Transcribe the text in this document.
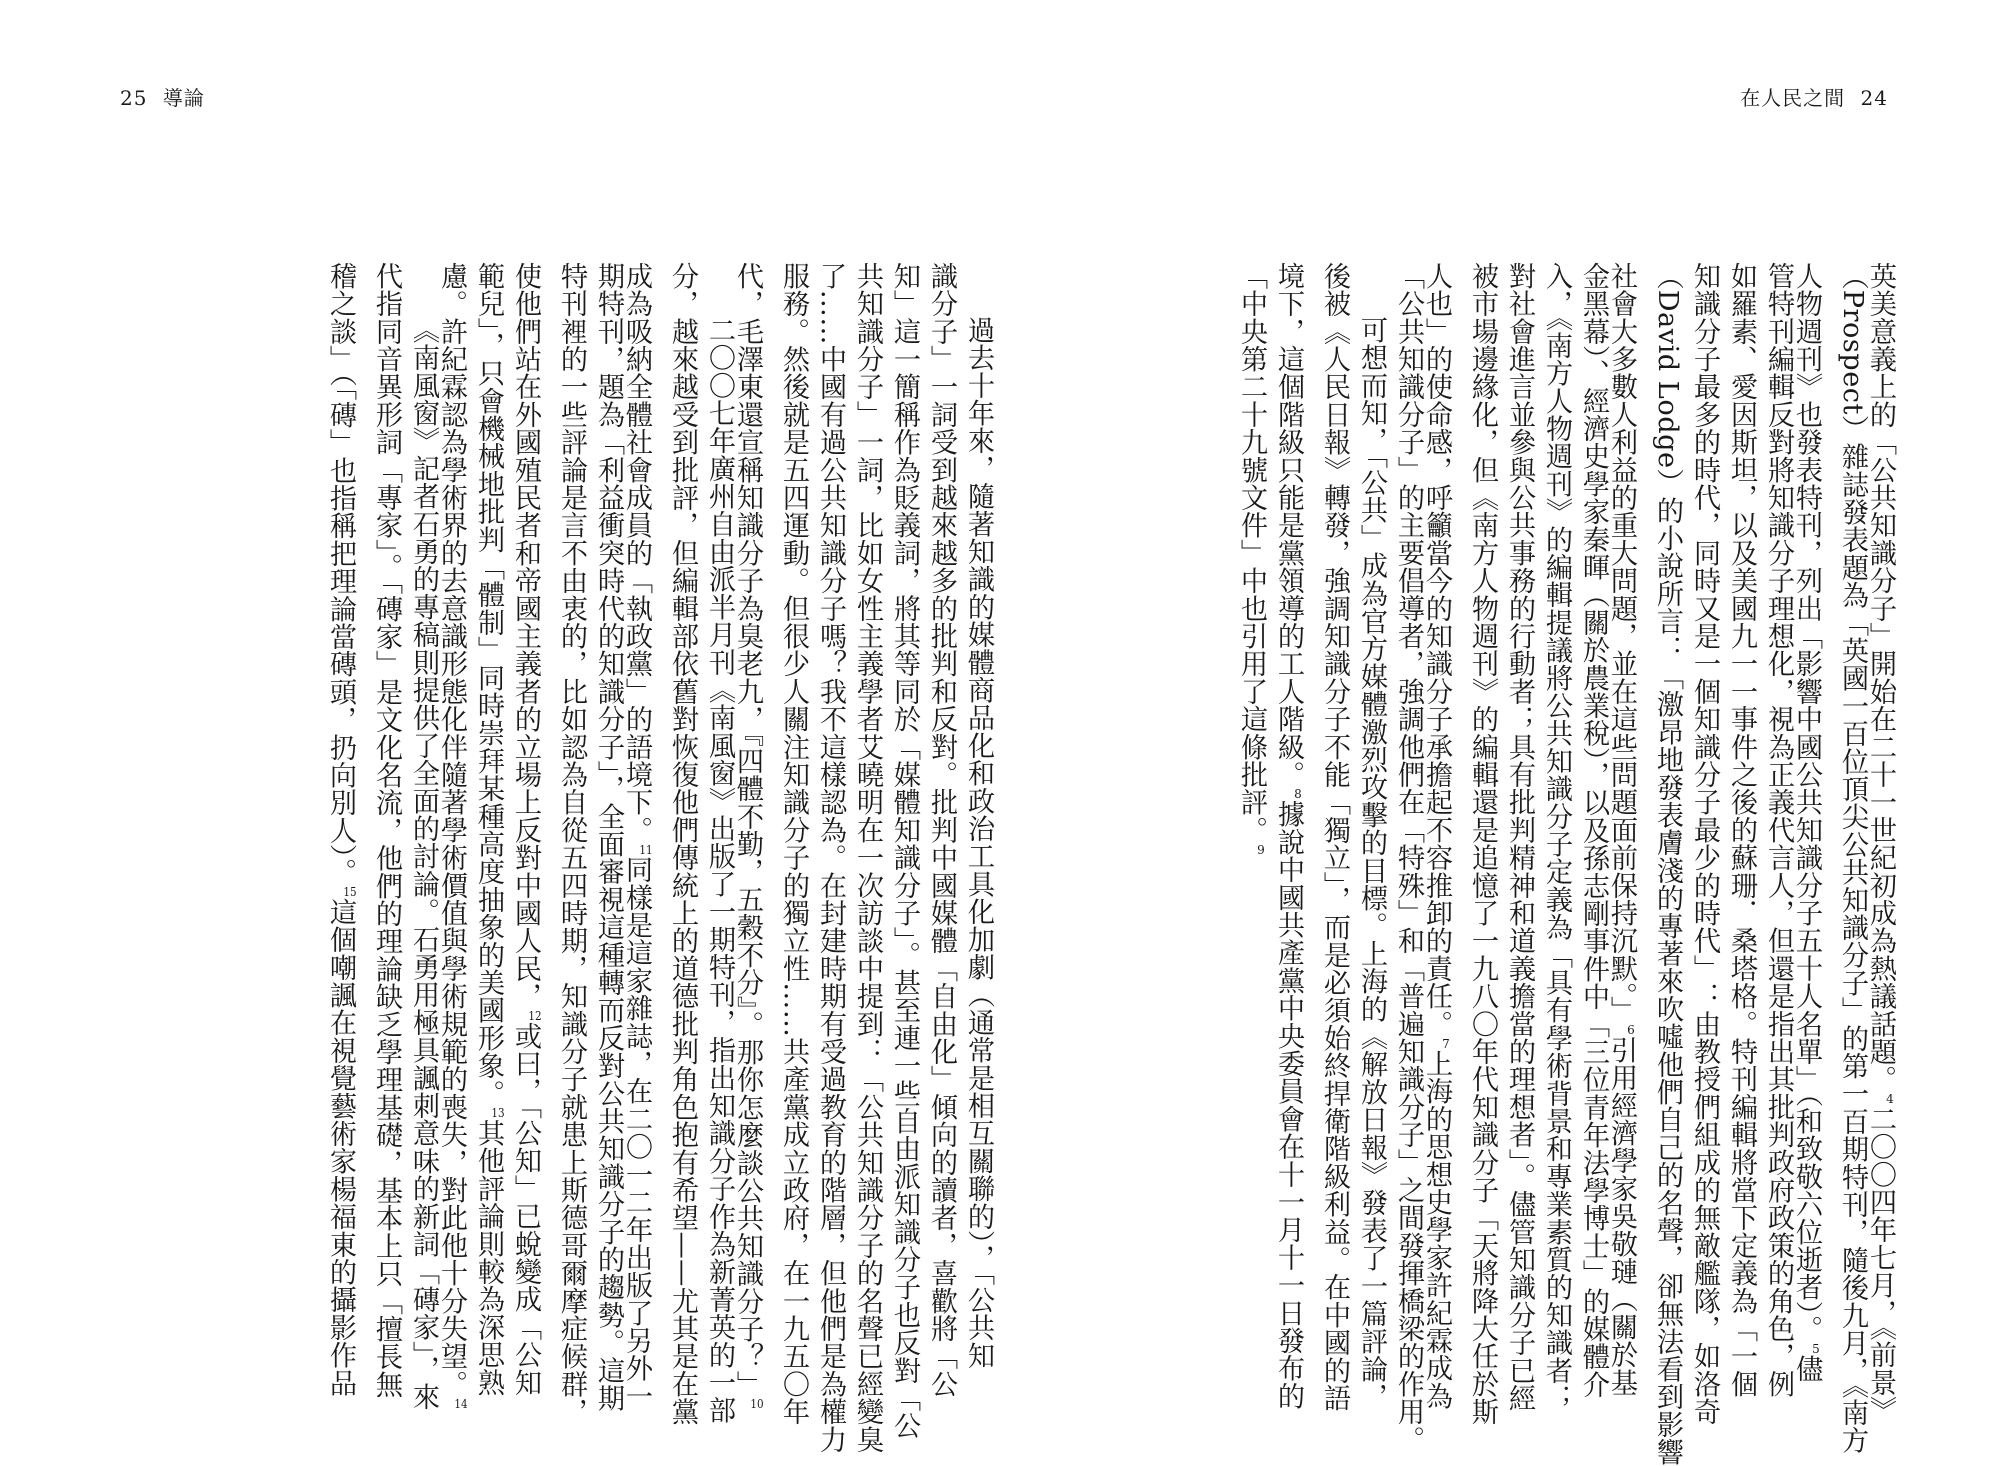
25 導論	在人民之間 24
英美意義上的「公共知識分子」開始在二十一世紀初成為熱議話題。$^4$二〇〇四年七月，《前景》
（Prospect）雜誌發表題為「英國一百位頂尖公共知識分子」的第一百期特刊，隨後九月，《南方
人物週刊》也發表特刊，列出「影響中國公共知識分子五十人名單」（和致敬六位逝者）。$^5$儘
管特刊編輯反對將知識分子理想化，視為正義代言人，但還是指出其批判政府政策的角色，例
如羅素、愛因斯坦，以及美國九一一事件之後的蘇珊．桑塔格。特刊編輯將當下定義為「一個
知識分子最多的時代，同時又是一個知識分子最少的時代」：由教授們組成的無敵艦隊，如洛奇
（David Lodge）的小說所言：「激昂地發表膚淺的專著來吹噓他們自己的名聲，卻無法看到影響
社會大多數人利益的重大問題，並在這些問題面前保持沉默。」$^6$引用經濟學家吳敬璉（關於基
金黑幕）、經濟史學家秦暉（關於農業稅），以及孫志剛事件中「三位青年法學博士」的媒體介
入，《南方人物週刊》的編輯提議將公共知識分子定義為「具有學術背景和專業素質的知識者；
對社會進言並參與公共事務的行動者；具有批判精神和道義擔當的理想者」。儘管知識分子已經
被市場邊緣化，但《南方人物週刊》的編輯還是追憶了一九八〇年代知識分子「天將降大任於斯
人也」的使命感，呼籲當今的知識分子承擔起不容推卸的責任。$^7$上海的思想史學家許紀霖成為
「公共知識分子」的主要倡導者，強調他們在「特殊」和「普遍知識分子」之間發揮橋梁的作用。
可想而知，「公共」成為官方媒體激烈攻擊的目標。上海的《解放日報》發表了一篇評論，
後被《人民日報》轉發，強調知識分子不能「獨立」，而是必須始終捍衛階級利益。在中國的語
境下，這個階級只能是黨領導的工人階級。$^8$據說中國共產黨中央委員會在十一月十一日發布的
「中央第二十九號文件」中也引用了這條批評。$^9$
過去十年來，隨著知識的媒體商品化和政治工具化加劇（通常是相互關聯的），「公共知
識分子」一詞受到越來越多的批判和反對。批判中國媒體「自由化」傾向的讀者，喜歡將「公
知」這一簡稱作為貶義詞，將其等同於「媒體知識分子」。甚至連一些自由派知識分子也反對「公
共知識分子」一詞，比如女性主義學者艾曉明在一次訪談中提到：「公共知識分子的名聲已經變臭
了……中國有過公共知識分子嗎？我不這樣認為。在封建時期有受過教育的階層，但他們是為權力
服務。然後就是五四運動。但很少人關注知識分子的獨立性……共產黨成立政府，在一九五〇年
代，毛澤東還宣稱知識分子為臭老九，『四體不勤，五穀不分』。那你怎麼談公共知識分子？」$^{10}$
二〇〇七年廣州自由派半月刊《南風窗》出版了一期特刊，指出知識分子作為新菁英的一部
分，越來越受到批評，但編輯部依舊對恢復他們傳統上的道德批判角色抱有希望——尤其是在黨
成為吸納全體社會成員的「執政黨」的語境下。$^{11}$同樣是這家雜誌，在二〇一二年出版了另外一
期特刊，題為「利益衝突時代的知識分子」，全面審視這種轉而反對公共知識分子的趨勢。這期
特刊裡的一些評論是言不由衷的，比如認為自從五四時期，知識分子就患上斯德哥爾摩症候群，
使他們站在外國殖民者和帝國主義者的立場上反對中國人民，$^{12}$或曰，「公知」已蛻變成「公知
範兒」，只會機械地批判「體制」同時崇拜某種高度抽象的美國形象。$^{13}$其他評論則較為深思熟
慮。許紀霖認為學術界的去意識形態化伴隨著學術價值與學術規範的喪失，對此他十分失望。$^{14}$
《南風窗》記者石勇的專稿則提供了全面的討論。石勇用極具諷刺意味的新詞「磚家」，來
代指同音異形詞「專家」。「磚家」是文化名流，他們的理論缺乏學理基礎，基本上只「擅長無
稽之談」（「磚」也指稱把理論當磚頭，扔向別人）。$^{15}$這個嘲諷在視覺藝術家楊福東的攝影作品
